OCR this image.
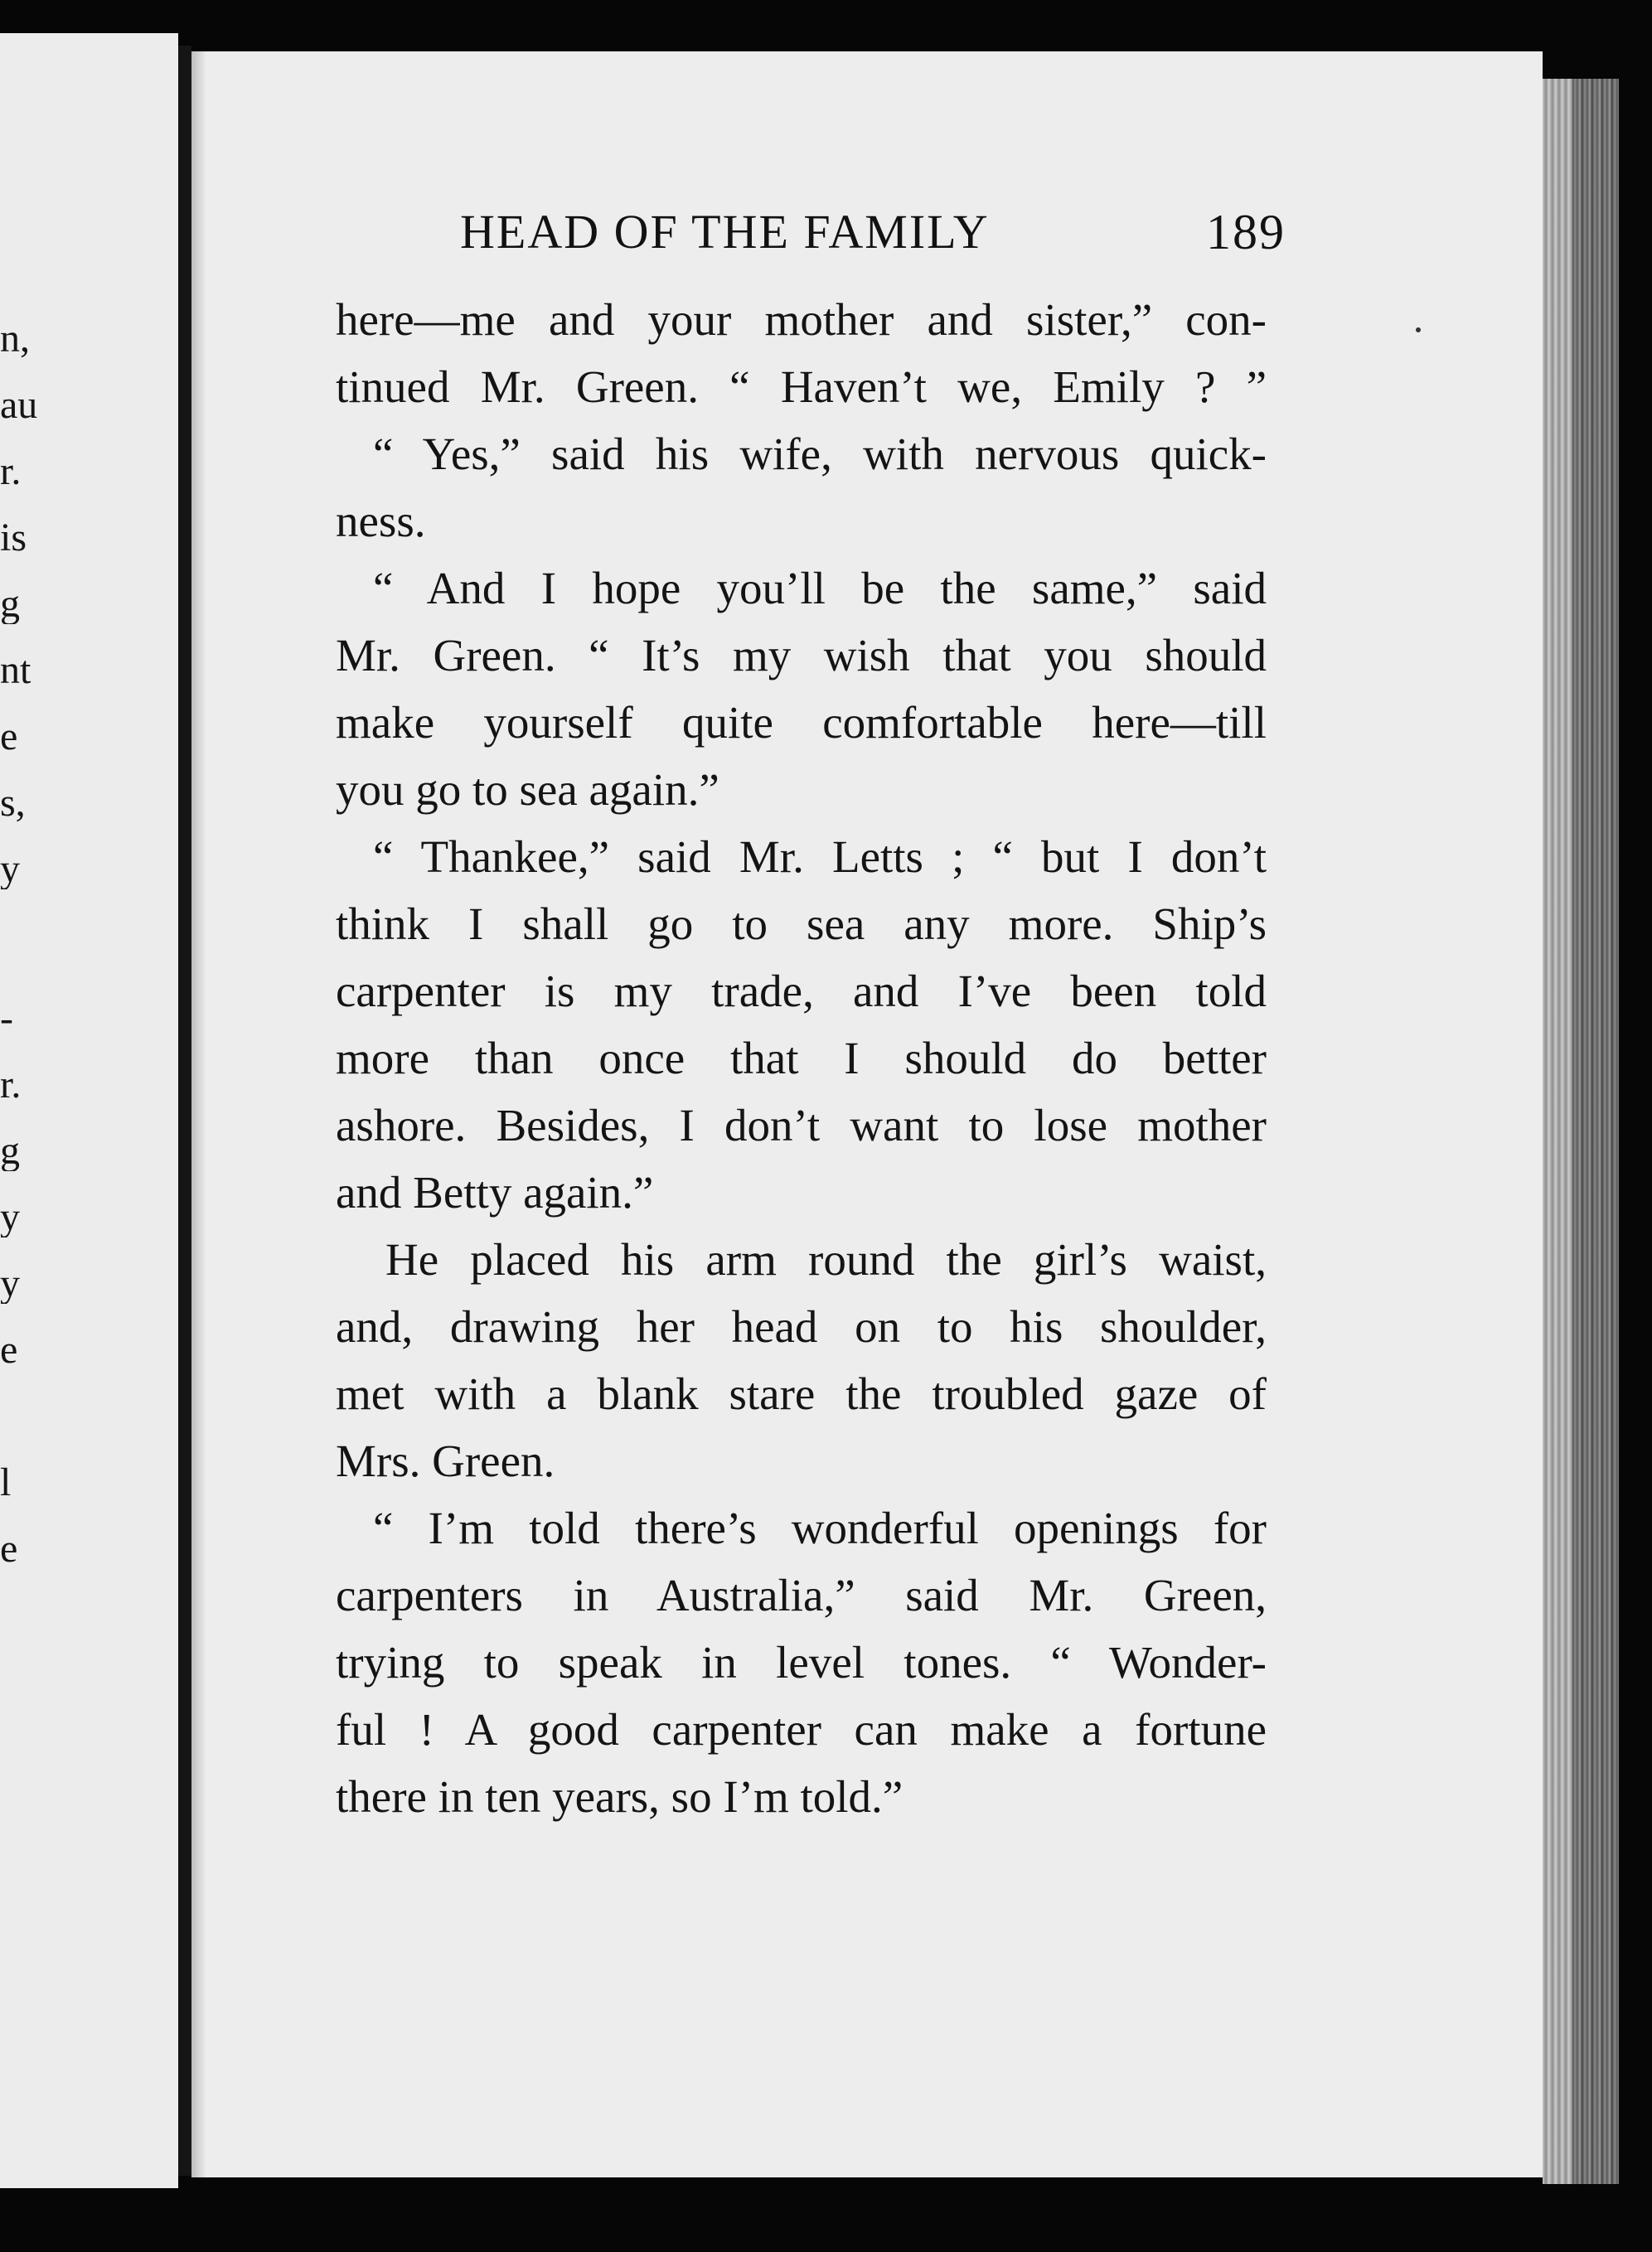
n,
au
r.
is
g
nt
e
s,
y
-
r.
g
y
y
e
l
e
HEAD OF THE FAMILY	189
here—me and your mother and sister,” con-
tinued Mr. Green. “ Haven’t we, Emily ? ”
“ Yes,” said his wife, with nervous quick-
ness.
“ And I hope you’ll be the same,” said
Mr. Green. “ It’s my wish that you should
make yourself quite comfortable here—till
you go to sea again.”
“ Thankee,” said Mr. Letts ; “ but I don’t
think I shall go to sea any more. Ship’s
carpenter is my trade, and I’ve been told
more than once that I should do better
ashore. Besides, I don’t want to lose mother
and Betty again.”
He placed his arm round the girl’s waist,
and, drawing her head on to his shoulder,
met with a blank stare the troubled gaze of
Mrs. Green.
“ I’m told there’s wonderful openings for
carpenters in Australia,” said Mr. Green,
trying to speak in level tones. “ Wonder-
ful ! A good carpenter can make a fortune
there in ten years, so I’m told.”
